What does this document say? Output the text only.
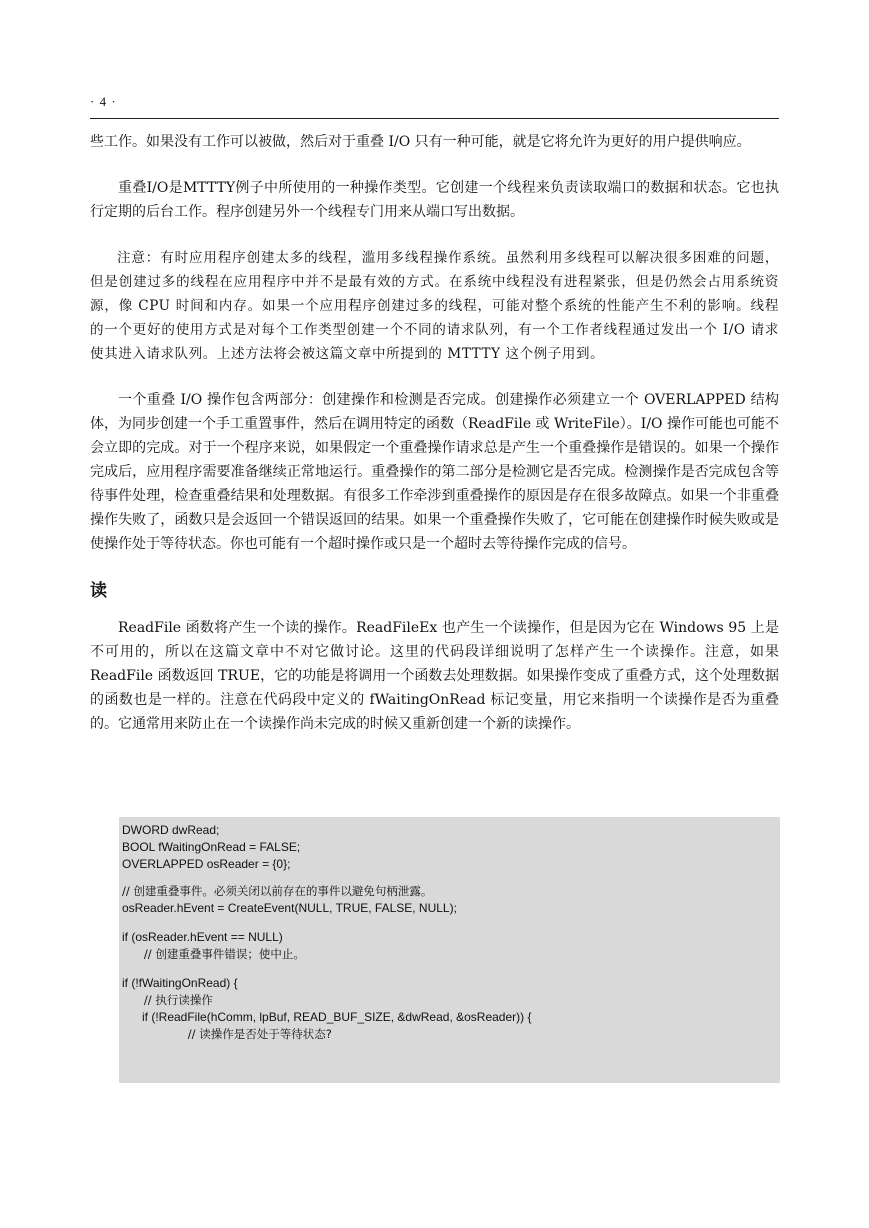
· 4 ·

些工作。如果没有工作可以被做，然后对于重叠 I/O 只有一种可能，就是它将允许为更好的用户提供响应。

重叠I/O是MTTTY例子中所使用的一种操作类型。它创建一个线程来负责读取端口的数据和状态。它也执行定期的后台工作。程序创建另外一个线程专门用来从端口写出数据。

注意：有时应用程序创建太多的线程，滥用多线程操作系统。虽然利用多线程可以解决很多困难的问题，但是创建过多的线程在应用程序中并不是最有效的方式。在系统中线程没有进程紧张，但是仍然会占用系统资源，像 CPU 时间和内存。如果一个应用程序创建过多的线程，可能对整个系统的性能产生不利的影响。线程的一个更好的使用方式是对每个工作类型创建一个不同的请求队列，有一个工作者线程通过发出一个 I/O 请求使其进入请求队列。上述方法将会被这篇文章中所提到的 MTTTY 这个例子用到。

一个重叠 I/O 操作包含两部分：创建操作和检测是否完成。创建操作必须建立一个 OVERLAPPED 结构体，为同步创建一个手工重置事件，然后在调用特定的函数（ReadFile 或 WriteFile）。I/O 操作可能也可能不会立即的完成。对于一个程序来说，如果假定一个重叠操作请求总是产生一个重叠操作是错误的。如果一个操作完成后，应用程序需要准备继续正常地运行。重叠操作的第二部分是检测它是否完成。检测操作是否完成包含等待事件处理，检查重叠结果和处理数据。有很多工作牵涉到重叠操作的原因是存在很多故障点。如果一个非重叠操作失败了，函数只是会返回一个错误返回的结果。如果一个重叠操作失败了，它可能在创建操作时候失败或是使操作处于等待状态。你也可能有一个超时操作或只是一个超时去等待操作完成的信号。

读

ReadFile 函数将产生一个读的操作。ReadFileEx 也产生一个读操作，但是因为它在 Windows 95 上是不可用的，所以在这篇文章中不对它做讨论。这里的代码段详细说明了怎样产生一个读操作。注意，如果 ReadFile 函数返回 TRUE，它的功能是将调用一个函数去处理数据。如果操作变成了重叠方式，这个处理数据的函数也是一样的。注意在代码段中定义的 fWaitingOnRead 标记变量，用它来指明一个读操作是否为重叠的。它通常用来防止在一个读操作尚未完成的时候又重新创建一个新的读操作。

DWORD dwRead;
BOOL fWaitingOnRead = FALSE;
OVERLAPPED osReader = {0};
// 创建重叠事件。必须关闭以前存在的事件以避免句柄泄露。
osReader.hEvent = CreateEvent(NULL, TRUE, FALSE, NULL);
if (osReader.hEvent == NULL)
// 创建重叠事件错误；使中止。
if (!fWaitingOnRead) {
// 执行读操作
if (!ReadFile(hComm, lpBuf, READ_BUF_SIZE, &dwRead, &osReader)) {
// 读操作是否处于等待状态?
